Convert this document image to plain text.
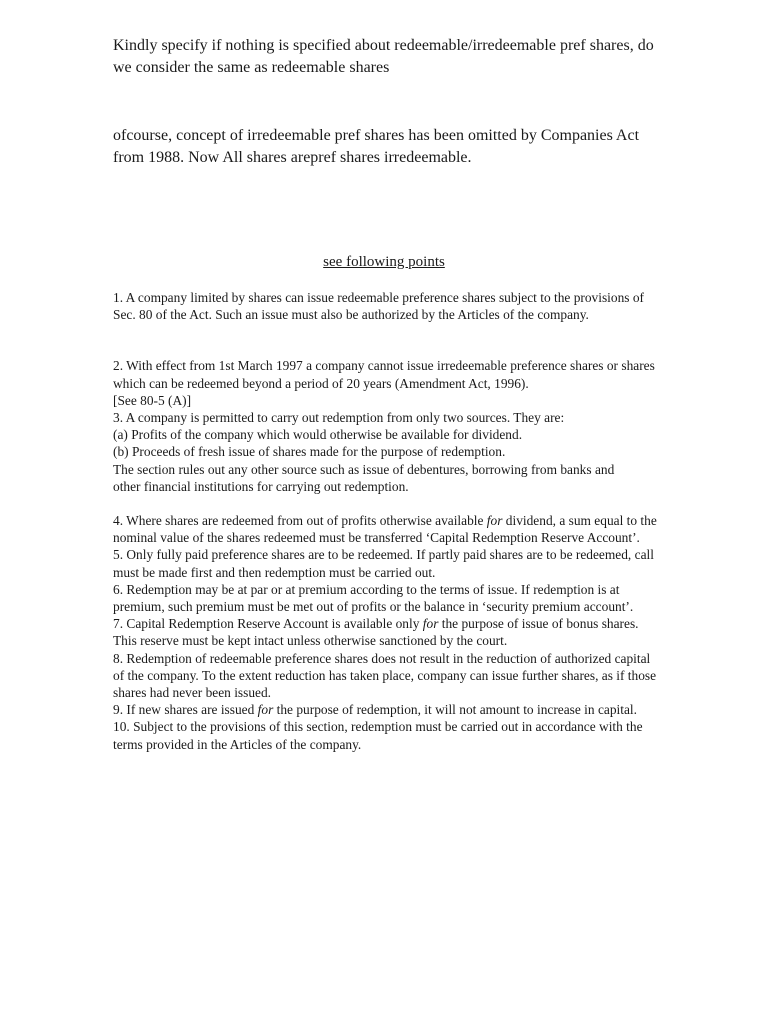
Kindly specify if nothing is specified about redeemable/irredeemable pref shares, do we consider the same as redeemable shares

ofcourse, concept of irredeemable pref shares has been omitted by Companies Act from 1988. Now All shares arepref shares irredeemable.

see following points

1. A company limited by shares can issue redeemable preference shares subject to the provisions of Sec. 80 of the Act. Such an issue must also be authorized by the Articles of the company.

2. With effect from 1st March 1997 a company cannot issue irredeemable preference shares or shares which can be redeemed beyond a period of 20 years (Amendment Act, 1996).

[See 80-5 (A)]

3. A company is permitted to carry out redemption from only two sources. They are:

(a) Profits of the company which would otherwise be available for dividend.

(b) Proceeds of fresh issue of shares made for the purpose of redemption.

The section rules out any other source such as issue of debentures, borrowing from banks and

other financial institutions for carrying out redemption.

4. Where shares are redeemed from out of profits otherwise available for dividend, a sum equal to the nominal value of the shares redeemed must be transferred ‘Capital Redemption Reserve Account’.

5. Only fully paid preference shares are to be redeemed. If partly paid shares are to be redeemed, call must be made first and then redemption must be carried out.

6. Redemption may be at par or at premium according to the terms of issue. If redemption is at premium, such premium must be met out of profits or the balance in ‘security premium account’.

7. Capital Redemption Reserve Account is available only for the purpose of issue of bonus shares. This reserve must be kept intact unless otherwise sanctioned by the court.

8. Redemption of redeemable preference shares does not result in the reduction of authorized capital of the company. To the extent reduction has taken place, company can issue further shares, as if those shares had never been issued.

9. If new shares are issued for the purpose of redemption, it will not amount to increase in capital.

10. Subject to the provisions of this section, redemption must be carried out in accordance with the terms provided in the Articles of the company.
